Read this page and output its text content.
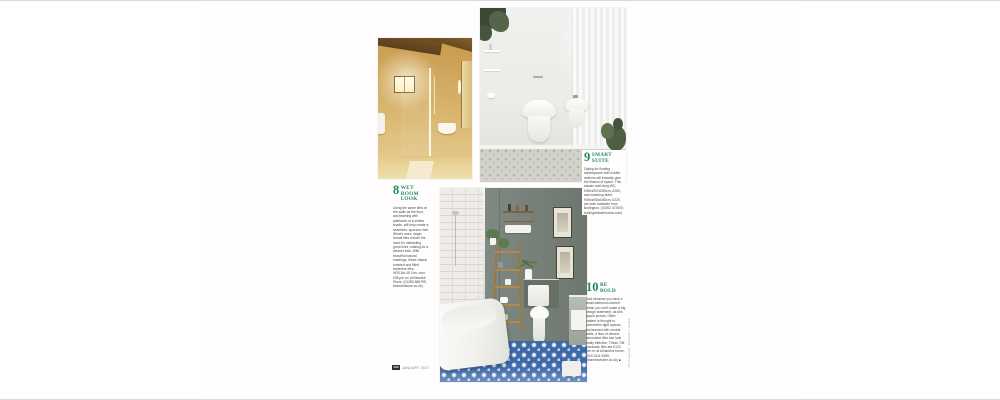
8 WET ROOM
LOOK
Using the same tiles on the walls as the floor, and teaming with paintwork of a similar shade, will help create a seamless, spacious feel. What's more, larger format tiles reduce the need for distracting grout lines, making for a cleaner look. With beautiful natural markings, these classic tumbled and filled travertine tiles, W30.5xL45.7cm, cost £38 per m² at Beswick Stone. (01285 886795; beswickstone.co.uk)
9 SMART
SUITE
Opting for floating sanitaryware with hidden cisterns will instantly give the illusion of space. This classic wall-hung WC, H36xW37xD53cm, £260, and matching bidet, H35xW36xD58cm, £220, are both available from Burlington. (01902 472000; burlingtonbathrooms.com)
10 BE
BOLD
Just because you have a small bathroom doesn't mean you can't make a big design statement, as this space proves. Often pattern is thought to overwhelm tight spaces, but teamed with neutral walls, a floor of vibrant, decorative tiles can look really effective. These 708 encaustic tiles are £123 per m² at Alhambra Home. (020 3411 6385; alhambrahome.co.uk)■	Photograph: Alhambra Home
130	JANUARY 2017
